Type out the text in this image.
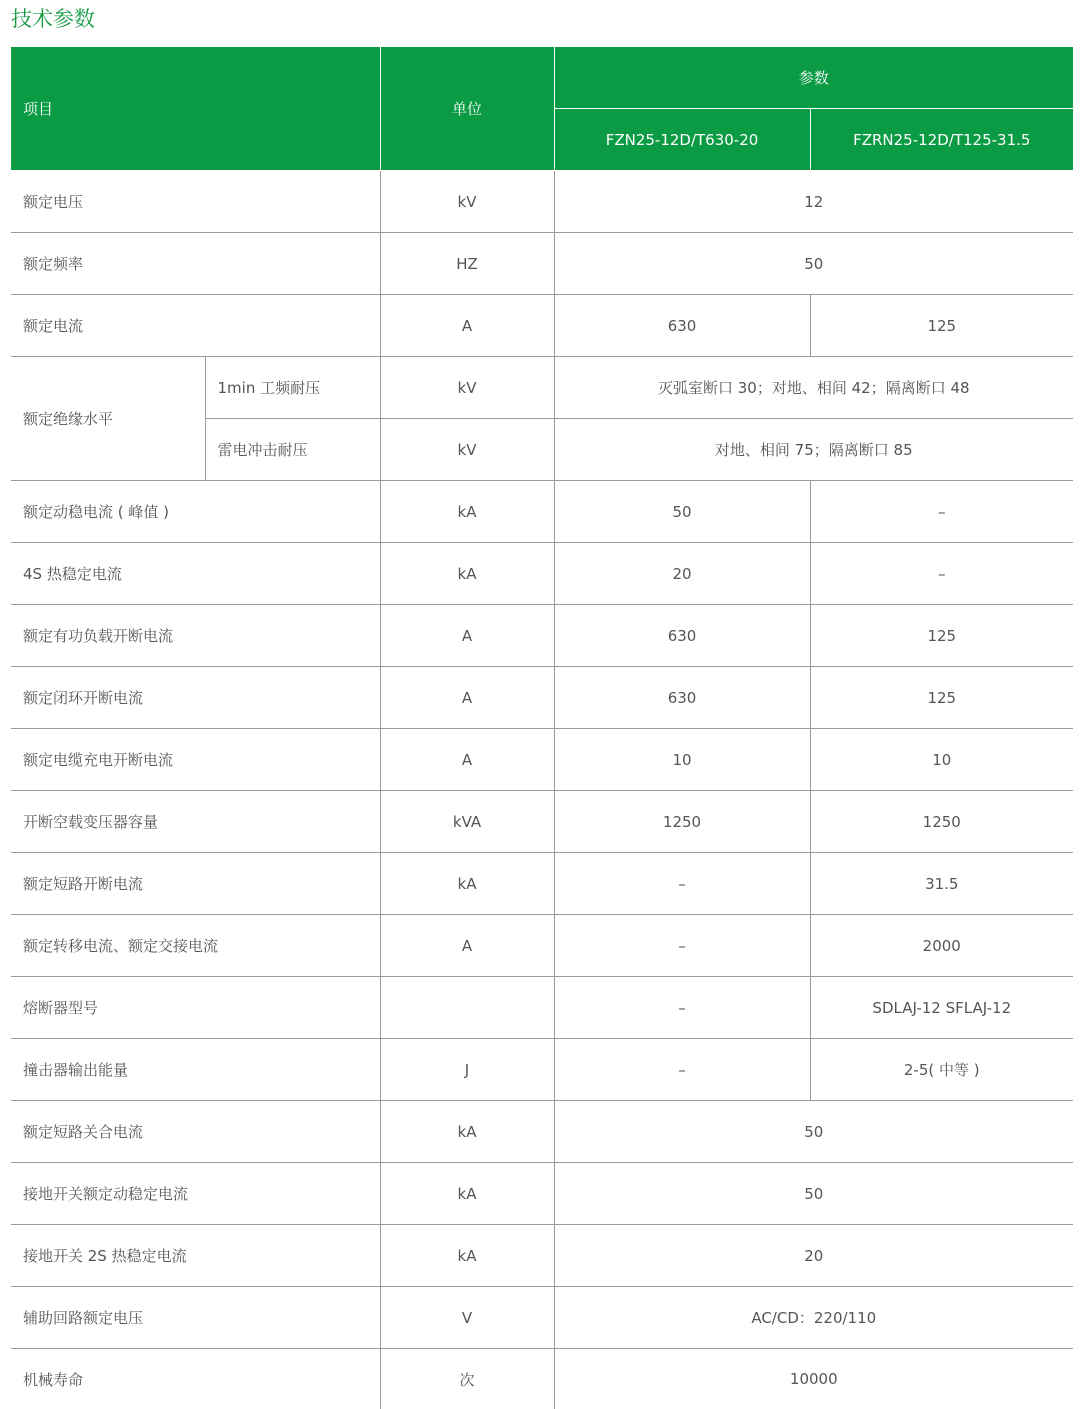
技术参数
项目		单位	参数	
			FZN25-12D/T630-20	FZRN25-12D/T125-31.5
额定电压		kV	12	
额定频率		HZ	50	
额定电流		A	630	125
额定绝缘水平	1min 工频耐压	kV	灭弧室断口 30；对地、相间 42；隔离断口 48	
	雷电冲击耐压	kV	对地、相间 75；隔离断口 85	
额定动稳电流 ( 峰值 )		kA	50	–
4S 热稳定电流		kA	20	–
额定有功负载开断电流		A	630	125
额定闭环开断电流		A	630	125
额定电缆充电开断电流		A	10	10
开断空载变压器容量		kVA	1250	1250
额定短路开断电流		kA	–	31.5
额定转移电流、额定交接电流		A	–	2000
熔断器型号			–	SDLAJ-12 SFLAJ-12
撞击器输出能量		J	–	2-5( 中等 )
额定短路关合电流		kA	50	
接地开关额定动稳定电流		kA	50	
接地开关 2S 热稳定电流		kA	20	
辅助回路额定电压		V	AC/CD：220/110	
机械寿命		次	10000	
